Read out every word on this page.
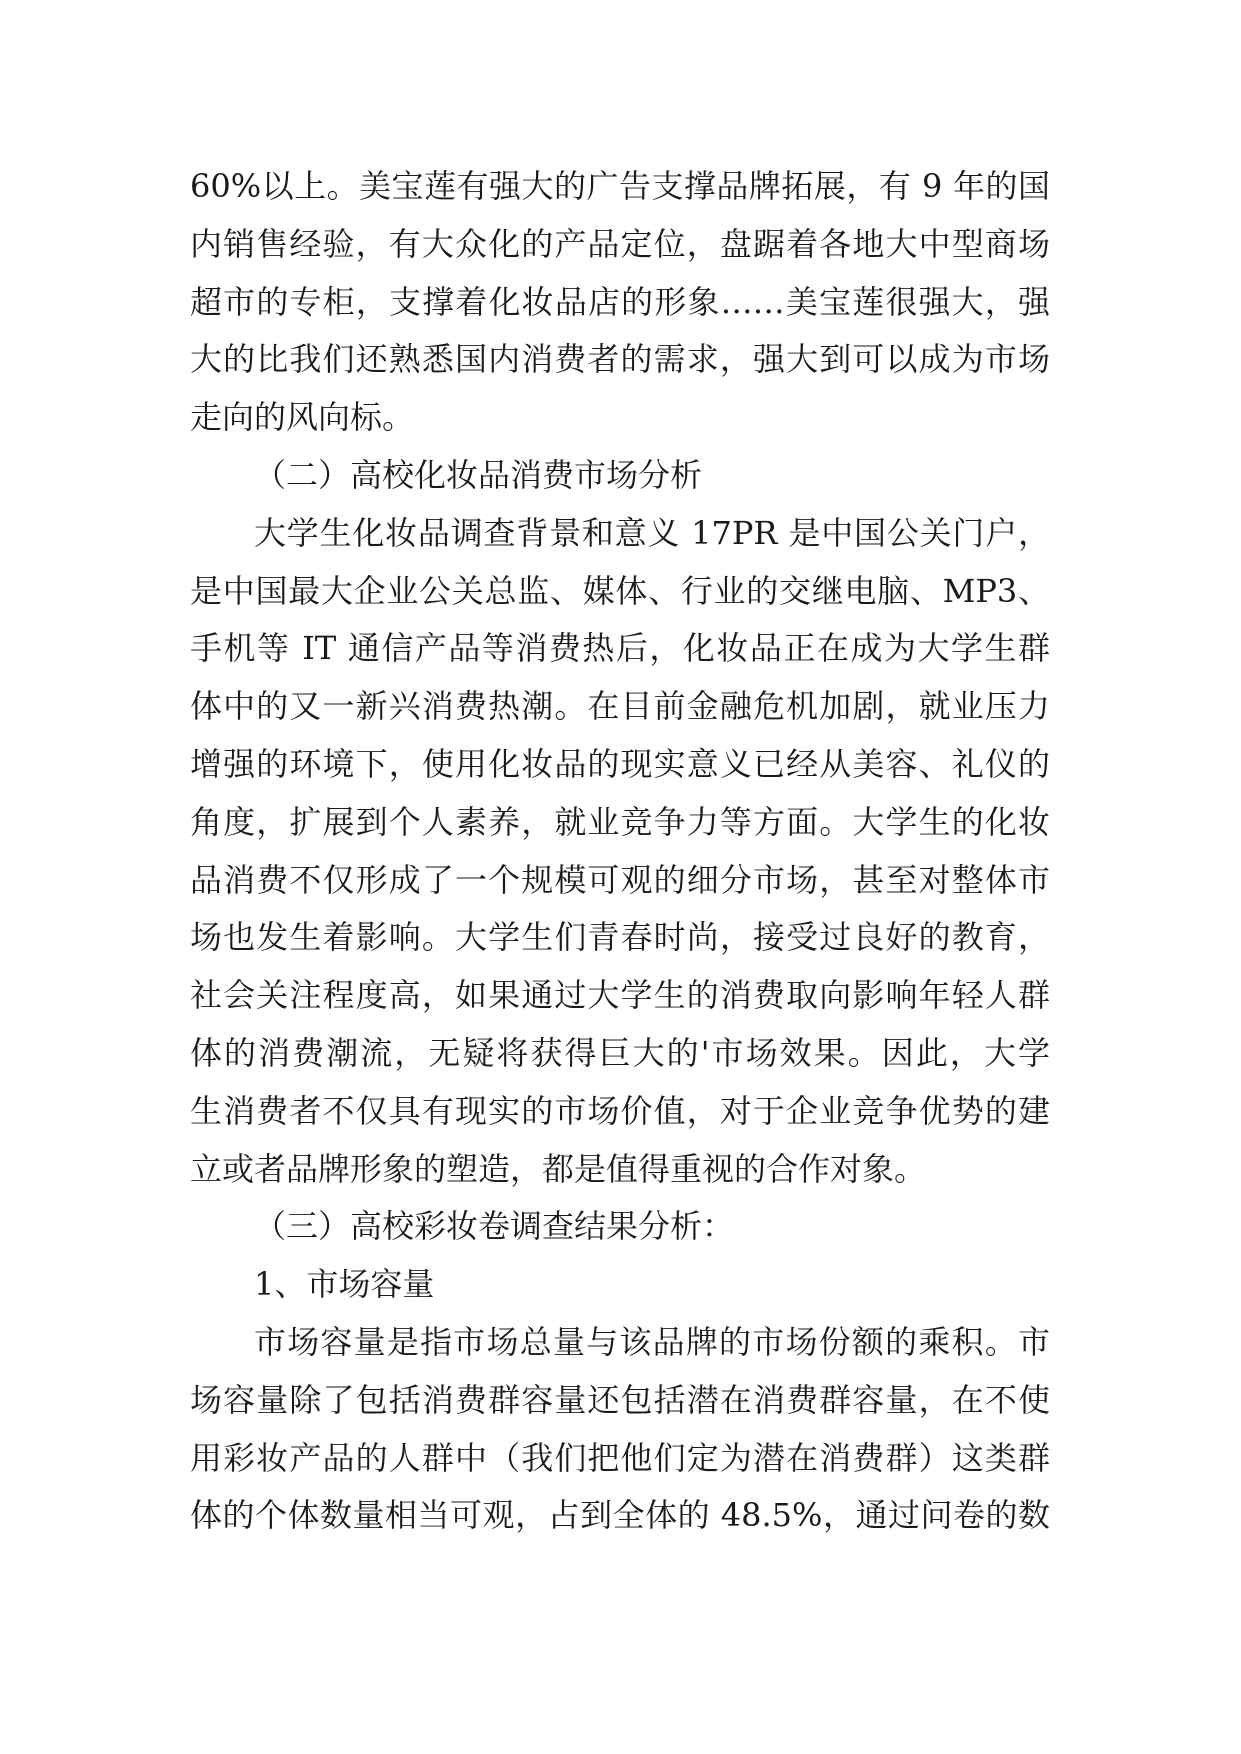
60%以上。美宝莲有强大的广告支撑品牌拓展，有 9 年的国
内销售经验，有大众化的产品定位，盘踞着各地大中型商场
超市的专柜，支撑着化妆品店的形象……美宝莲很强大，强
大的比我们还熟悉国内消费者的需求，强大到可以成为市场
走向的风向标。
（二）高校化妆品消费市场分析
大学生化妆品调查背景和意义 17PR 是中国公关门户，
是中国最大企业公关总监、媒体、行业的交继电脑、MP3、
手机等 IT 通信产品等消费热后，化妆品正在成为大学生群
体中的又一新兴消费热潮。在目前金融危机加剧，就业压力
增强的环境下，使用化妆品的现实意义已经从美容、礼仪的
角度，扩展到个人素养，就业竞争力等方面。大学生的化妆
品消费不仅形成了一个规模可观的细分市场，甚至对整体市
场也发生着影响。大学生们青春时尚，接受过良好的教育，
社会关注程度高，如果通过大学生的消费取向影响年轻人群
体的消费潮流，无疑将获得巨大的'市场效果。因此，大学
生消费者不仅具有现实的市场价值，对于企业竞争优势的建
立或者品牌形象的塑造，都是值得重视的合作对象。
（三）高校彩妆卷调查结果分析：
1、市场容量
市场容量是指市场总量与该品牌的市场份额的乘积。市
场容量除了包括消费群容量还包括潜在消费群容量，在不使
用彩妆产品的人群中（我们把他们定为潜在消费群）这类群
体的个体数量相当可观，占到全体的 48.5%，通过问卷的数
